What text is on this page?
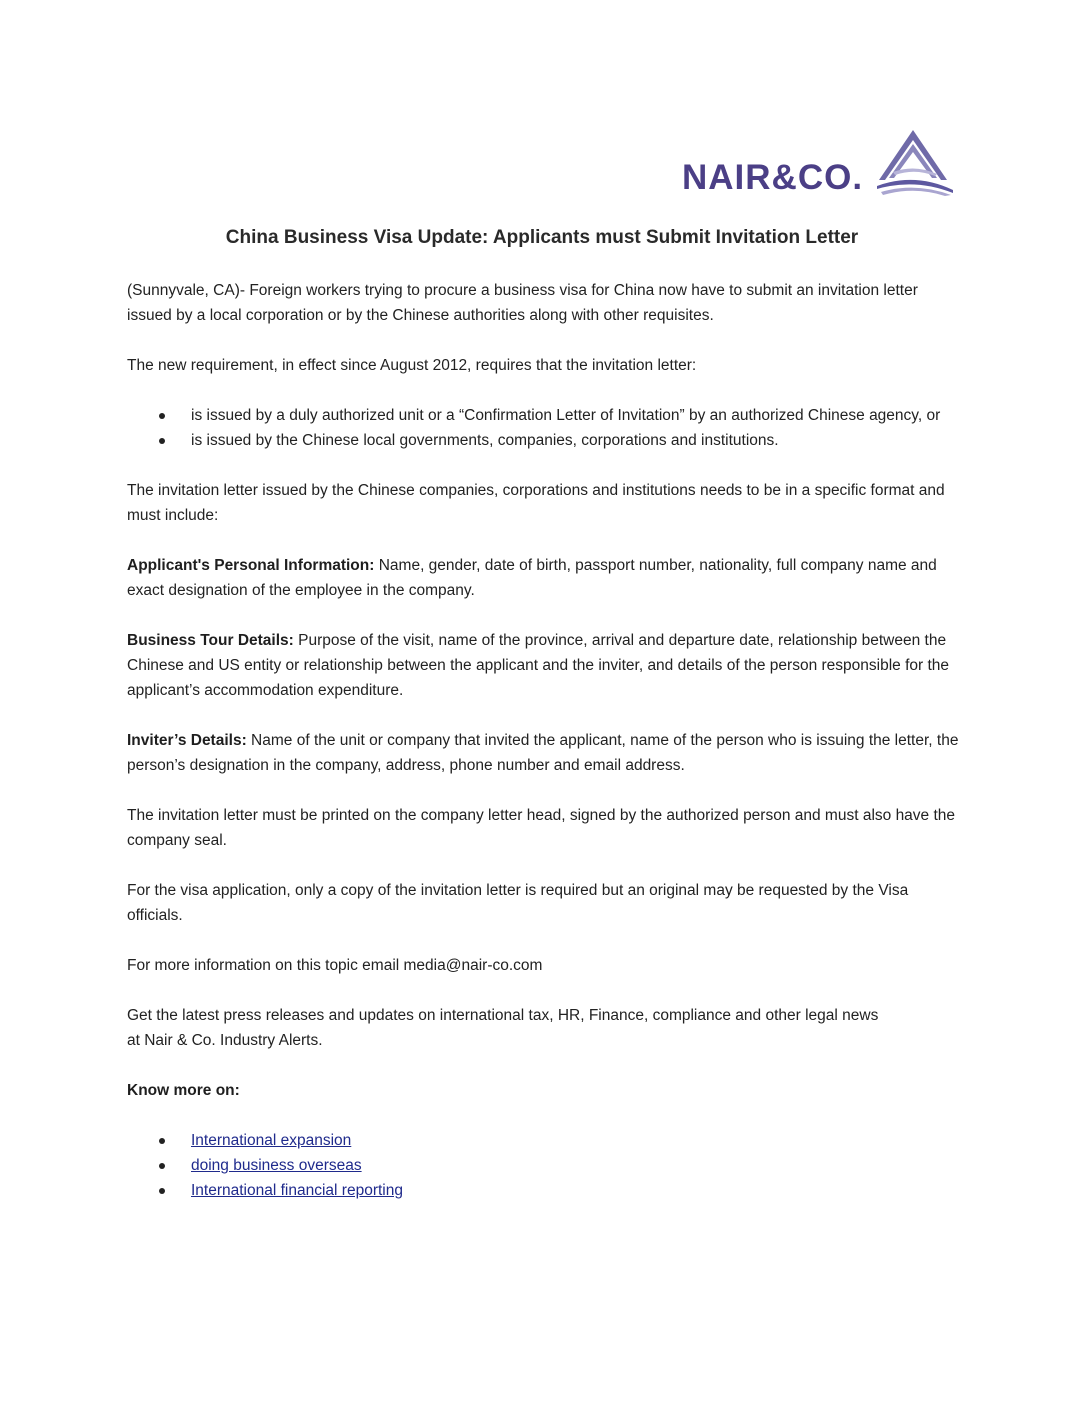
NAIR&CO.
China Business Visa Update: Applicants must Submit Invitation Letter

(Sunnyvale, CA)- Foreign workers trying to procure a business visa for China now have to submit an invitation letter issued by a local corporation or by the Chinese authorities along with other requisites.

The new requirement, in effect since August 2012, requires that the invitation letter:

is issued by a duly authorized unit or a “Confirmation Letter of Invitation” by an authorized Chinese agency, or
is issued by the Chinese local governments, companies, corporations and institutions.

The invitation letter issued by the Chinese companies, corporations and institutions needs to be in a specific format and must include:

Applicant's Personal Information: Name, gender, date of birth, passport number, nationality, full company name and exact designation of the employee in the company.

Business Tour Details: Purpose of the visit, name of the province, arrival and departure date, relationship between the Chinese and US entity or relationship between the applicant and the inviter, and details of the person responsible for the applicant’s accommodation expenditure.

Inviter’s Details: Name of the unit or company that invited the applicant, name of the person who is issuing the letter, the person’s designation in the company, address, phone number and email address.

The invitation letter must be printed on the company letter head, signed by the authorized person and must also have the company seal.

For the visa application, only a copy of the invitation letter is required but an original may be requested by the Visa officials.

For more information on this topic email media@nair-co.com

Get the latest press releases and updates on international tax, HR, Finance, compliance and other legal news
at Nair & Co. Industry Alerts.

Know more on:

International expansion
doing business overseas
International financial reporting
